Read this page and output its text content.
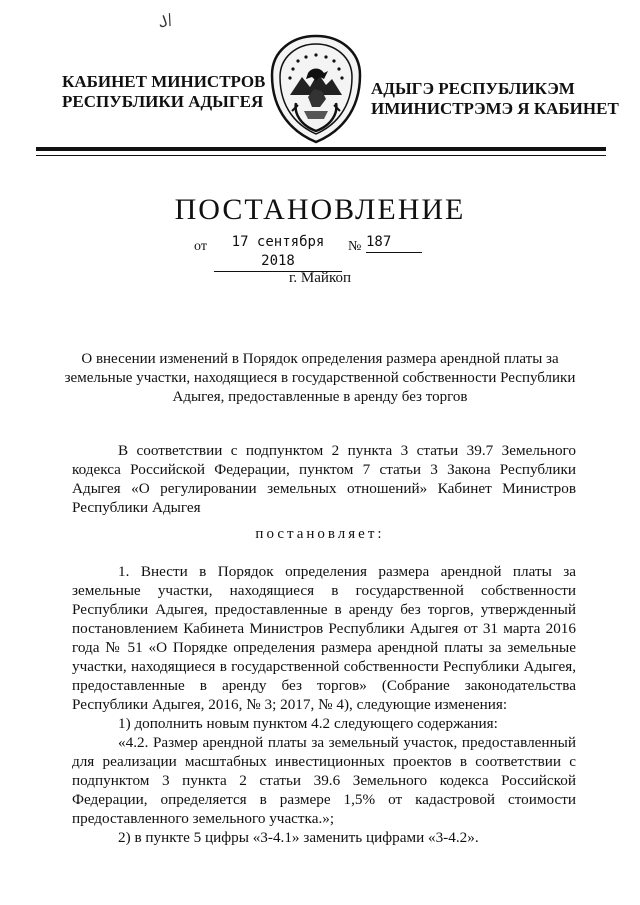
ᒍ/
КАБИНЕТ МИНИСТРОВ
РЕСПУБЛИКИ АДЫГЕЯ
АДЫГЭ РЕСПУБЛИКЭМ
ИМИНИСТРЭМЭ Я КАБИНЕТ
ПОСТАНОВЛЕНИЕ
от	17 сентября 2018
№ 187
г. Майкоп
О внесении изменений в Порядок определения размера арендной платы за земельные участки, находящиеся в государственной собственности Республики Адыгея, предоставленные в аренду без торгов

В соответствии с подпунктом 2 пункта 3 статьи 39.7 Земельного кодекса Российской Федерации, пунктом 7 статьи 3 Закона Республики Адыгея «О регулировании земельных отношений» Кабинет Министров Республики Адыгея

постановляет:

1. Внести в Порядок определения размера арендной платы за земельные участки, находящиеся в государственной собственности Республики Адыгея, предоставленные в аренду без торгов, утвержденный постановлением Кабинета Министров Республики Адыгея от 31 марта 2016 года № 51 «О Порядке определения размера арендной платы за земельные участки, находящиеся в государственной собственности Республики Адыгея, предоставленные в аренду без торгов» (Собрание законодательства Республики Адыгея, 2016, № 3; 2017, № 4), следующие изменения:

1) дополнить новым пунктом 4.2 следующего содержания:

«4.2. Размер арендной платы за земельный участок, предоставленный для реализации масштабных инвестиционных проектов в соответствии с подпунктом 3 пункта 2 статьи 39.6 Земельного кодекса Российской Федерации, определяется в размере 1,5% от кадастровой стоимости предоставленного земельного участка.»;

2) в пункте 5 цифры «3-4.1» заменить цифрами «3-4.2».
